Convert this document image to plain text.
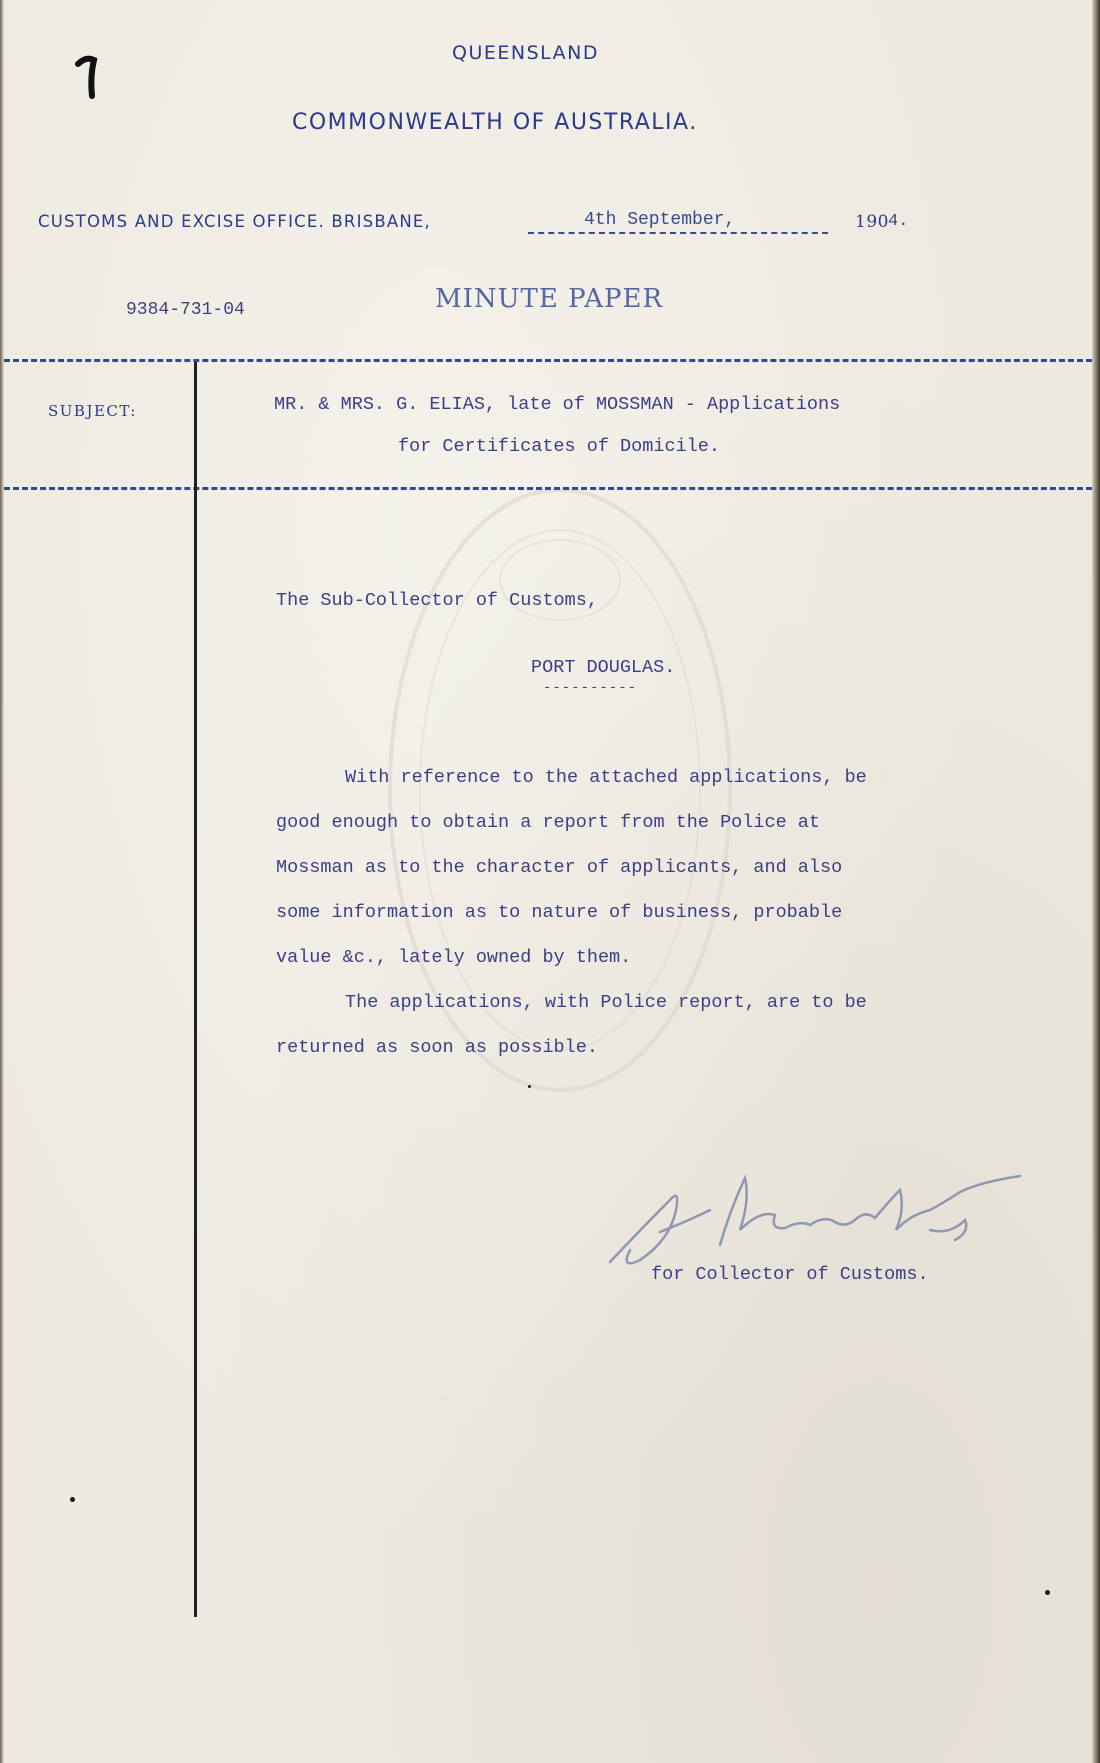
QUEENSLAND
COMMONWEALTH OF AUSTRALIA.
CUSTOMS AND EXCISE OFFICE. BRISBANE,	4th September,	190 4.
9384-731-04	MINUTE PAPER
SUBJECT:	MR. & MRS. G. ELIAS, late of MOSSMAN - Applications
for Certificates of Domicile.
The Sub-Collector of Customs,
PORT DOUGLAS.
----------
With reference to the attached applications, be
good enough to obtain a report from the Police at
Mossman as to the character of applicants, and also
some information as to nature of business, probable
value &c., lately owned by them.
The applications, with Police report, are to be
returned as soon as possible.
for Collector of Customs.
